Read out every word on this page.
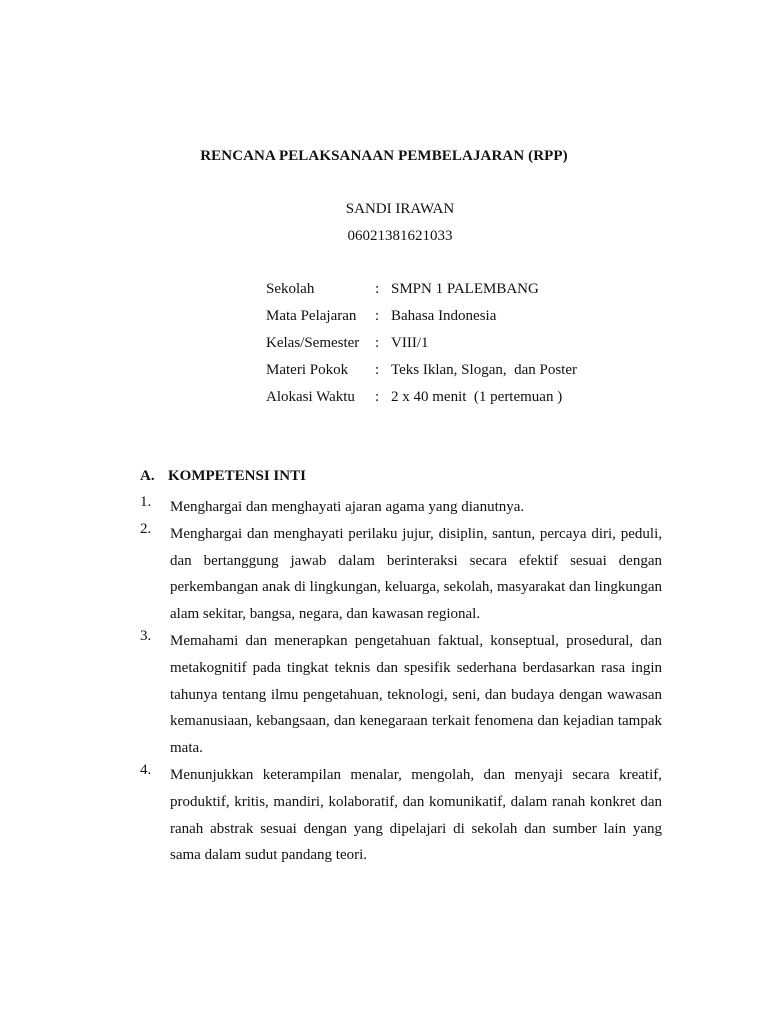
RENCANA PELAKSANAAN PEMBELAJARAN (RPP)
SANDI IRAWAN
06021381621033
Sekolah	: SMPN 1 PALEMBANG
Mata Pelajaran	: Bahasa Indonesia
Kelas/Semester	: VIII/1
Materi Pokok	: Teks Iklan, Slogan,  dan Poster
Alokasi Waktu	: 2 x 40 menit  (1 pertemuan )
A. KOMPETENSI INTI
1. Menghargai dan menghayati ajaran agama yang dianutnya.
2. Menghargai dan menghayati perilaku jujur, disiplin, santun, percaya diri, peduli, dan bertanggung jawab dalam berinteraksi secara efektif sesuai dengan perkembangan anak di lingkungan, keluarga, sekolah, masyarakat dan lingkungan alam sekitar, bangsa, negara, dan kawasan regional.
3. Memahami dan menerapkan pengetahuan faktual, konseptual, prosedural, dan metakognitif pada tingkat teknis dan spesifik sederhana berdasarkan rasa ingin tahunya tentang ilmu pengetahuan, teknologi, seni, dan budaya dengan wawasan kemanusiaan, kebangsaan, dan kenegaraan terkait fenomena dan kejadian tampak mata.
4. Menunjukkan keterampilan menalar, mengolah, dan menyaji secara kreatif, produktif, kritis, mandiri, kolaboratif, dan komunikatif, dalam ranah konkret dan ranah abstrak sesuai dengan yang dipelajari di sekolah dan sumber lain yang sama dalam sudut pandang teori.
